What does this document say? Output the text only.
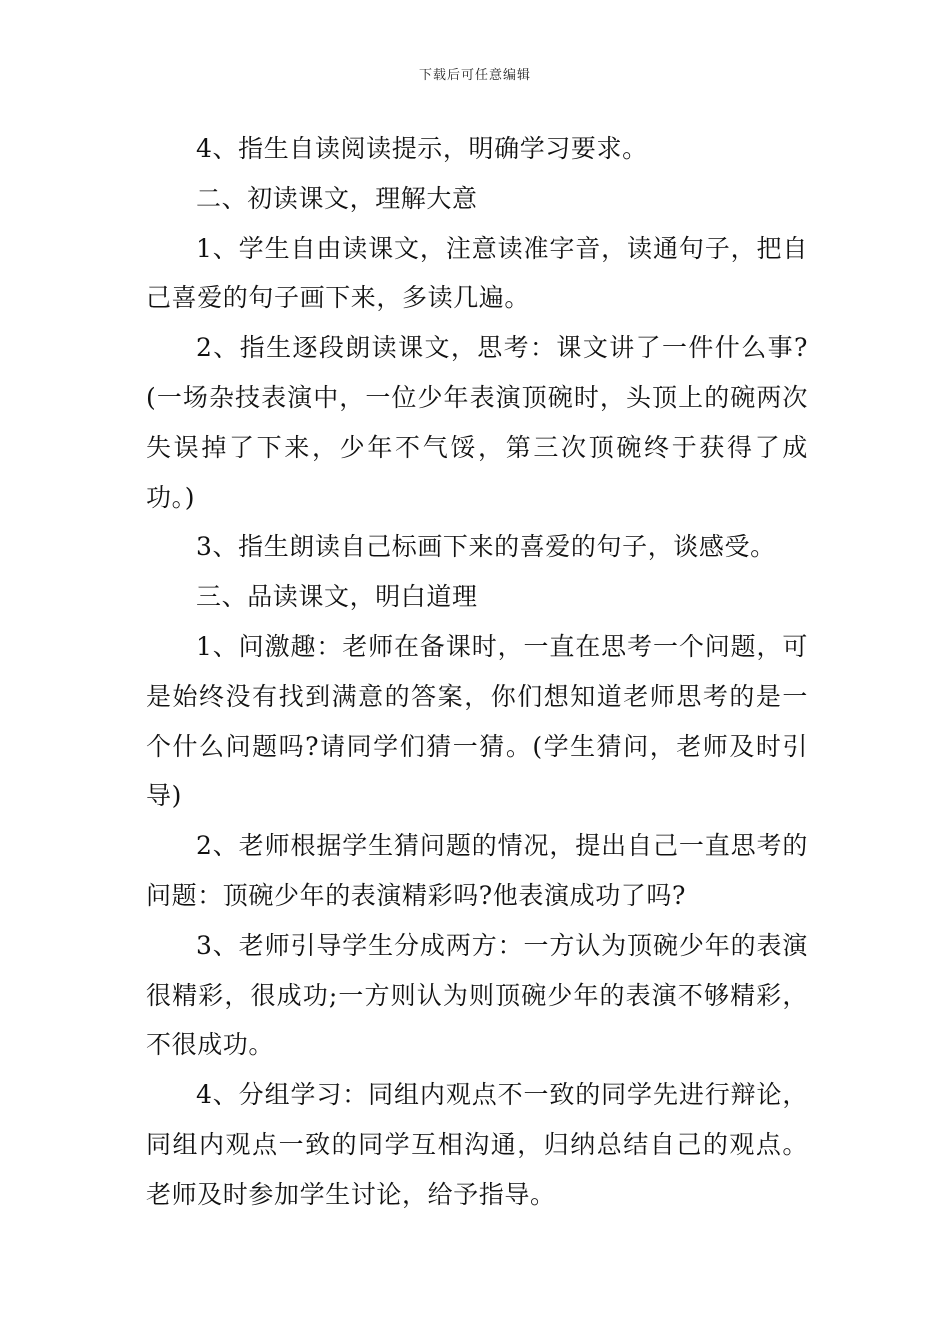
下载后可任意编辑

4、指生自读阅读提示，明确学习要求。

二、初读课文，理解大意

1、学生自由读课文，注意读准字音，读通句子，把自己喜爱的句子画下来，多读几遍。

2、指生逐段朗读课文，思考：课文讲了一件什么事?(一场杂技表演中，一位少年表演顶碗时，头顶上的碗两次失误掉了下来，少年不气馁，第三次顶碗终于获得了成功。)

3、指生朗读自己标画下来的喜爱的句子，谈感受。

三、品读课文，明白道理

1、问激趣：老师在备课时，一直在思考一个问题，可是始终没有找到满意的答案，你们想知道老师思考的是一个什么问题吗?请同学们猜一猜。(学生猜问，老师及时引导)

2、老师根据学生猜问题的情况，提出自己一直思考的问题：顶碗少年的表演精彩吗?他表演成功了吗?

3、老师引导学生分成两方：一方认为顶碗少年的表演很精彩，很成功;一方则认为则顶碗少年的表演不够精彩，不很成功。

4、分组学习：同组内观点不一致的同学先进行辩论，同组内观点一致的同学互相沟通，归纳总结自己的观点。老师及时参加学生讨论，给予指导。
